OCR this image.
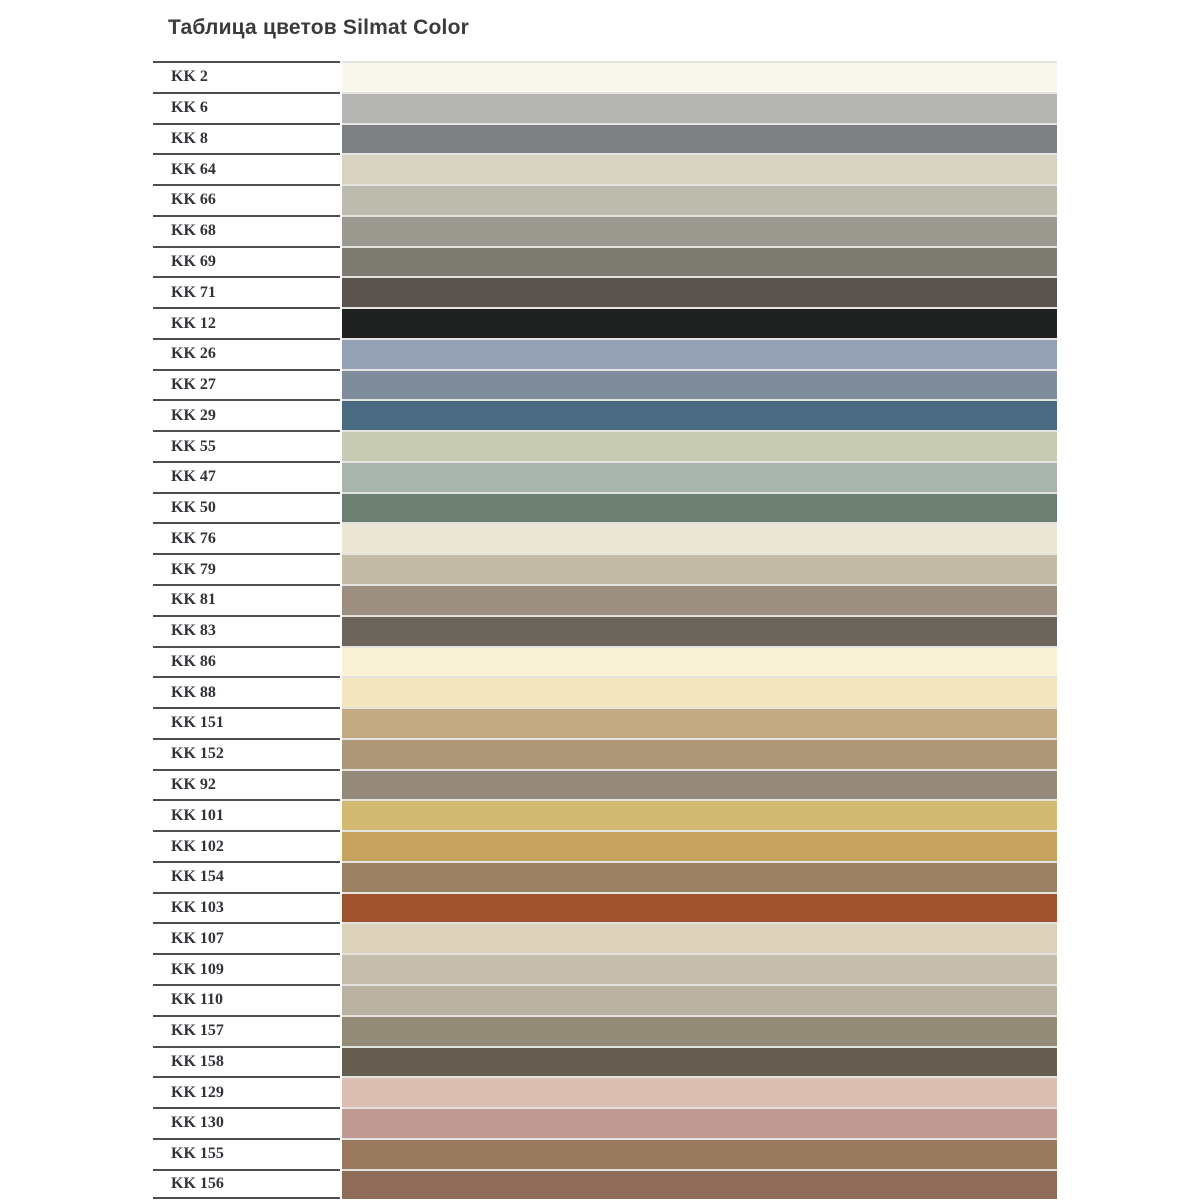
Таблица цветов Silmat Color
KK 2
KK 6
KK 8
KK 64
KK 66
KK 68
KK 69
KK 71
KK 12
KK 26
KK 27
KK 29
KK 55
KK 47
KK 50
KK 76
KK 79
KK 81
KK 83
KK 86
KK 88
KK 151
KK 152
KK 92
KK 101
KK 102
KK 154
KK 103
KK 107
KK 109
KK 110
KK 157
KK 158
KK 129
KK 130
KK 155
KK 156
